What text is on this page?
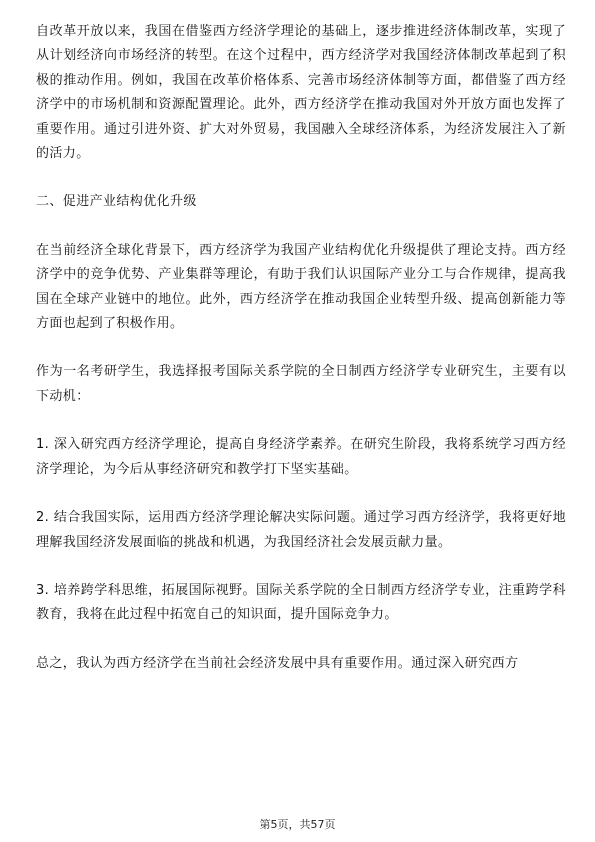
自改革开放以来，我国在借鉴西方经济学理论的基础上，逐步推进经济体制改革，实现了从计划经济向市场经济的转型。在这个过程中，西方经济学对我国经济体制改革起到了积极的推动作用。例如，我国在改革价格体系、完善市场经济体制等方面，都借鉴了西方经济学中的市场机制和资源配置理论。此外，西方经济学在推动我国对外开放方面也发挥了重要作用。通过引进外资、扩大对外贸易，我国融入全球经济体系，为经济发展注入了新的活力。

二、促进产业结构优化升级

在当前经济全球化背景下，西方经济学为我国产业结构优化升级提供了理论支持。西方经济学中的竞争优势、产业集群等理论，有助于我们认识国际产业分工与合作规律，提高我国在全球产业链中的地位。此外，西方经济学在推动我国企业转型升级、提高创新能力等方面也起到了积极作用。

作为一名考研学生，我选择报考国际关系学院的全日制西方经济学专业研究生，主要有以下动机：

1. 深入研究西方经济学理论，提高自身经济学素养。在研究生阶段，我将系统学习西方经济学理论，为今后从事经济研究和教学打下坚实基础。

2. 结合我国实际，运用西方经济学理论解决实际问题。通过学习西方经济学，我将更好地理解我国经济发展面临的挑战和机遇，为我国经济社会发展贡献力量。

3. 培养跨学科思维，拓展国际视野。国际关系学院的全日制西方经济学专业，注重跨学科教育，我将在此过程中拓宽自己的知识面，提升国际竞争力。

总之，我认为西方经济学在当前社会经济发展中具有重要作用。通过深入研究西方

第5页，共57页
